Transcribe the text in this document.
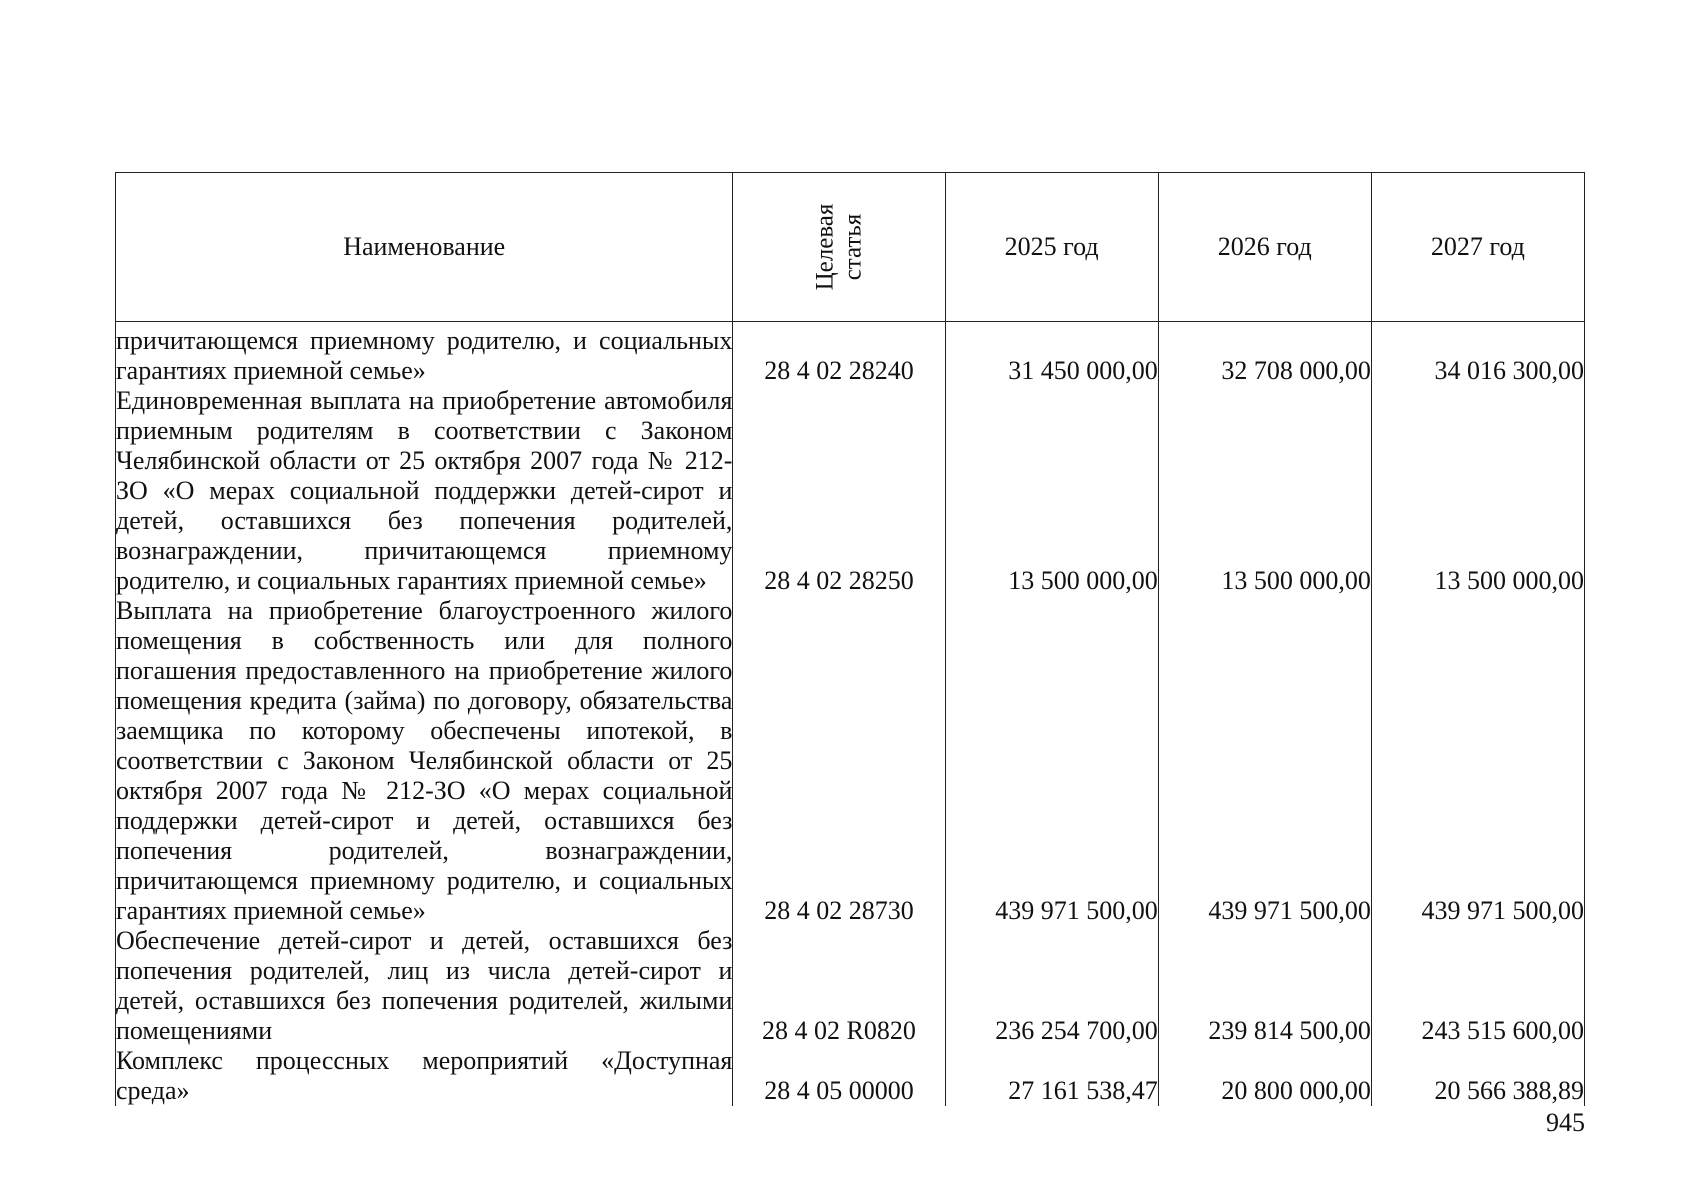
Наименование	Целевая статья	2025 год	2026 год	2027 год
причитающемся приемному родителю, и социальных гарантиях приемной семье»	28 4 02 28240	31 450 000,00	32 708 000,00	34 016 300,00
Единовременная выплата на приобретение автомобиля приемным родителям в соответствии с Законом Челябинской области от 25 октября 2007 года № 212-ЗО «О мерах социальной поддержки детей-сирот и детей, оставшихся без попечения родителей, вознаграждении, причитающемся приемному родителю, и социальных гарантиях приемной семье»	28 4 02 28250	13 500 000,00	13 500 000,00	13 500 000,00
Выплата на приобретение благоустроенного жилого помещения в собственность или для полного погашения предоставленного на приобретение жилого помещения кредита (займа) по договору, обязательства заемщика по которому обеспечены ипотекой, в соответствии с Законом Челябинской области от 25 октября 2007 года № 212-ЗО «О мерах социальной поддержки детей-сирот и детей, оставшихся без попечения родителей, вознаграждении, причитающемся приемному родителю, и социальных гарантиях приемной семье»	28 4 02 28730	439 971 500,00	439 971 500,00	439 971 500,00
Обеспечение детей-сирот и детей, оставшихся без попечения родителей, лиц из числа детей-сирот и детей, оставшихся без попечения родителей, жилыми помещениями	28 4 02 R0820	236 254 700,00	239 814 500,00	243 515 600,00
Комплекс процессных мероприятий «Доступная среда»	28 4 05 00000	27 161 538,47	20 800 000,00	20 566 388,89
945
